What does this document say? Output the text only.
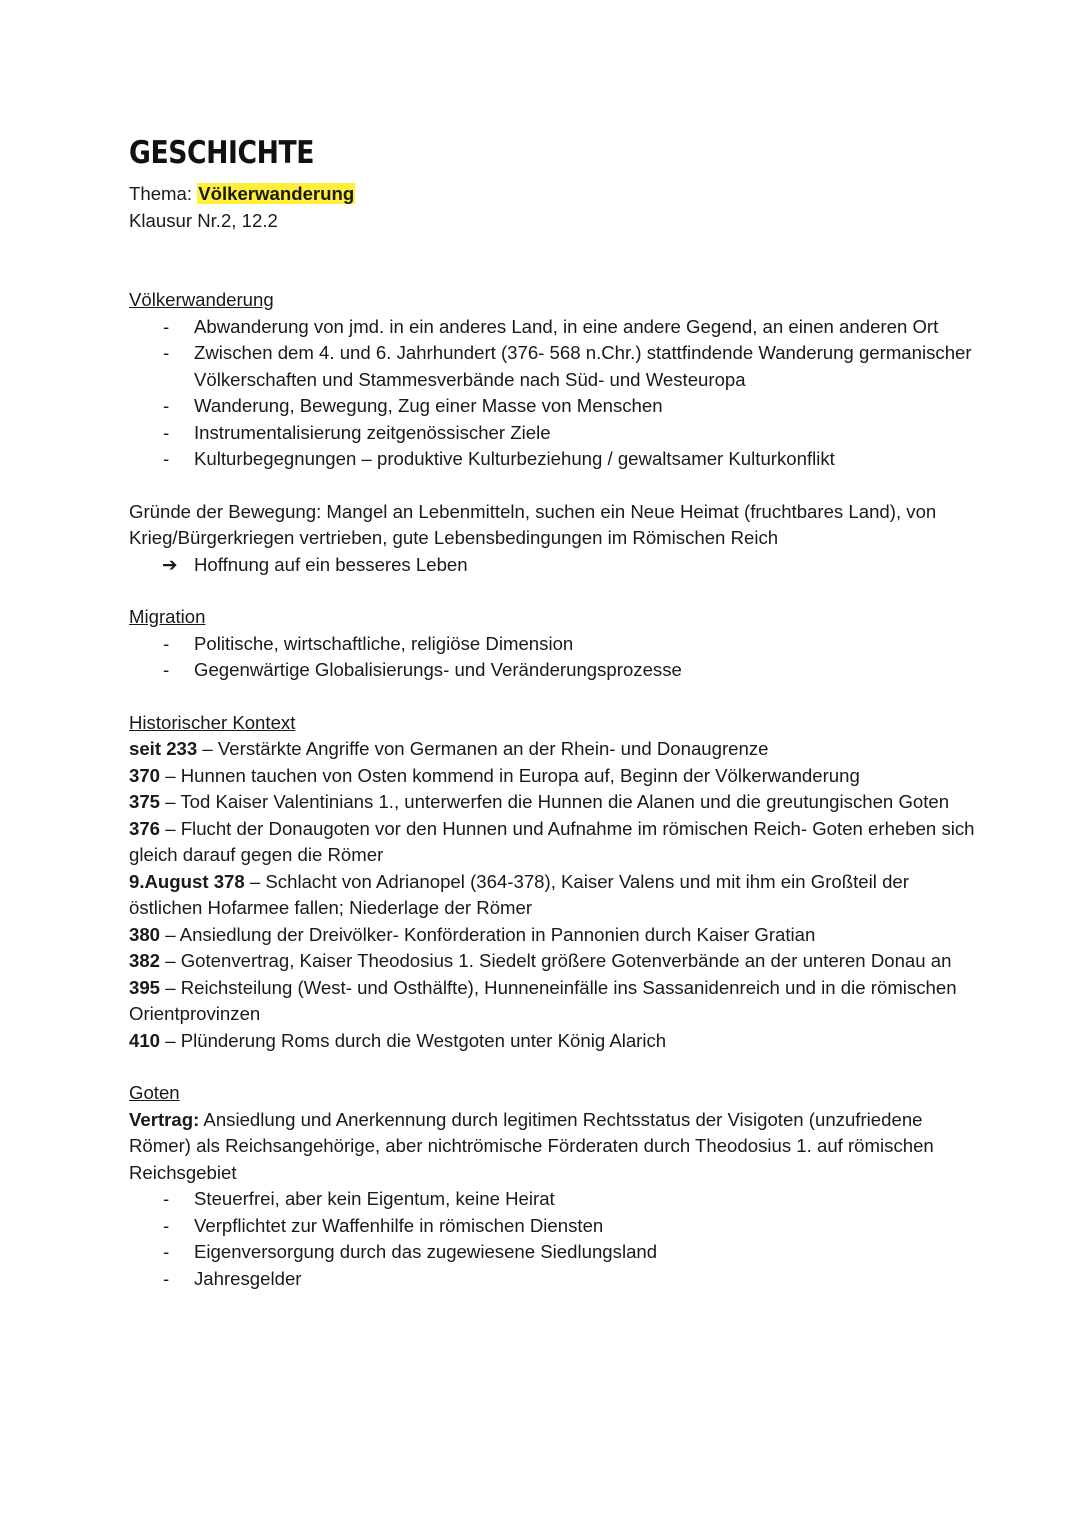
GESCHICHTE

Thema: Völkerwanderung

Klausur Nr.2, 12.2

Völkerwanderung

- Abwanderung von jmd. in ein anderes Land, in eine andere Gegend, an einen anderen Ort
- Zwischen dem 4. und 6. Jahrhundert (376- 568 n.Chr.) stattfindende Wanderung germanischer Völkerschaften und Stammesverbände nach Süd- und Westeuropa
- Wanderung, Bewegung, Zug einer Masse von Menschen
- Instrumentalisierung zeitgenössischer Ziele
- Kulturbegegnungen – produktive Kulturbeziehung / gewaltsamer Kulturkonflikt

Gründe der Bewegung: Mangel an Lebenmitteln, suchen ein Neue Heimat (fruchtbares Land), von Krieg/Bürgerkriegen vertrieben, gute Lebensbedingungen im Römischen Reich

➔ Hoffnung auf ein besseres Leben

Migration

- Politische, wirtschaftliche, religiöse Dimension
- Gegenwärtige Globalisierungs- und Veränderungsprozesse

Historischer Kontext

seit 233 – Verstärkte Angriffe von Germanen an der Rhein- und Donaugrenze

370 – Hunnen tauchen von Osten kommend in Europa auf, Beginn der Völkerwanderung

375 – Tod Kaiser Valentinians 1., unterwerfen die Hunnen die Alanen und die greutungischen Goten

376 – Flucht der Donaugoten vor den Hunnen und Aufnahme im römischen Reich- Goten erheben sich gleich darauf gegen die Römer

9.August 378 – Schlacht von Adrianopel (364-378), Kaiser Valens und mit ihm ein Großteil der östlichen Hofarmee fallen; Niederlage der Römer

380 – Ansiedlung der Dreivölker- Konförderation in Pannonien durch Kaiser Gratian

382 – Gotenvertrag, Kaiser Theodosius 1. Siedelt größere Gotenverbände an der unteren Donau an

395 – Reichsteilung (West- und Osthälfte), Hunneneinfälle ins Sassanidenreich und in die römischen Orientprovinzen

410 – Plünderung Roms durch die Westgoten unter König Alarich

Goten

Vertrag: Ansiedlung und Anerkennung durch legitimen Rechtsstatus der Visigoten (unzufriedene Römer) als Reichsangehörige, aber nichtrömische Förderaten durch Theodosius 1. auf römischen Reichsgebiet

- Steuerfrei, aber kein Eigentum, keine Heirat
- Verpflichtet zur Waffenhilfe in römischen Diensten
- Eigenversorgung durch das zugewiesene Siedlungsland
- Jahresgelder
